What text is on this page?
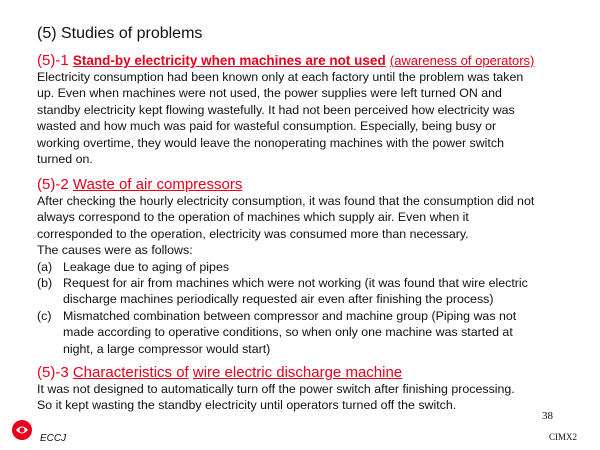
(5) Studies of problems
(5)-1 Stand-by electricity when machines are not used (awareness of operators)
Electricity consumption had been known only at each factory until the problem was taken
up. Even when machines were not used, the power supplies were left turned ON and
standby electricity kept flowing wastefully. It had not been perceived how electricity was
wasted and how much was paid for wasteful consumption. Especially, being busy or
working overtime, they would leave the nonoperating machines with the power switch
turned on.
(5)-2 Waste of air compressors
After checking the hourly electricity consumption, it was found that the consumption did not
always correspond to the operation of machines which supply air. Even when it
corresponded to the operation, electricity was consumed more than necessary.
The causes were as follows:
(a) Leakage due to aging of pipes
(b) Request for air from machines which were not working (it was found that wire electric
discharge machines periodically requested air even after finishing the process)
(c) Mismatched combination between compressor and machine group (Piping was not
made according to operative conditions, so when only one machine was started at
night, a large compressor would start)
(5)-3 Characteristics of wire electric discharge machine
It was not designed to automatically turn off the power switch after finishing processing.
So it kept wasting the standby electricity until operators turned off the switch.
ECCJ
38
CIMX2
